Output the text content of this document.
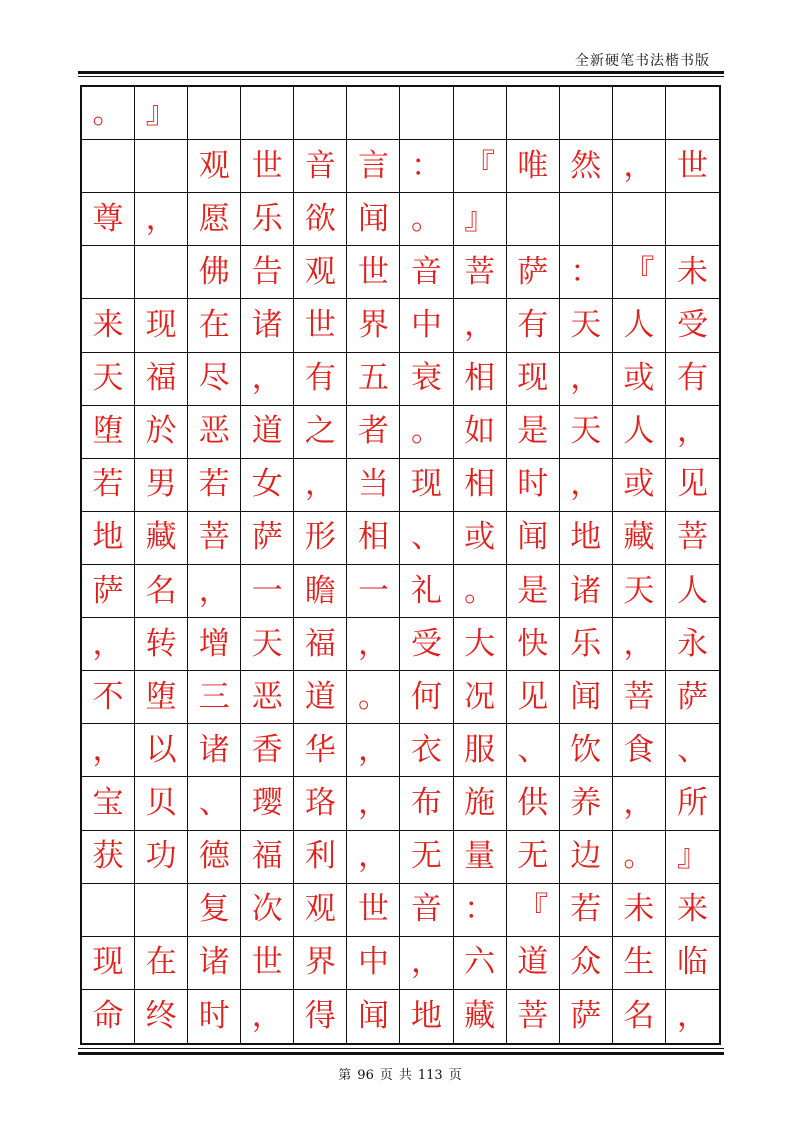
全新硬笔书法楷书版
。 』
观 世 音 言 ： 『 唯 然 ， 世
尊 ， 愿 乐 欲 闻 。 』
佛 告 观 世 音 菩 萨 ： 『 未
来 现 在 诸 世 界 中 ， 有 天 人 受
天 福 尽 ， 有 五 衰 相 现 ， 或 有
堕 於 恶 道 之 者 。 如 是 天 人 ，
若 男 若 女 ， 当 现 相 时 ， 或 见
地 藏 菩 萨 形 相 、 或 闻 地 藏 菩
萨 名 ， 一 瞻 一 礼 。 是 诸 天 人
， 转 增 天 福 ， 受 大 快 乐 ， 永
不 堕 三 恶 道 。 何 况 见 闻 菩 萨
， 以 诸 香 华 ， 衣 服 、 饮 食 、
宝 贝 、 璎 珞 ， 布 施 供 养 ， 所
获 功 德 福 利 ， 无 量 无 边 。 』
复 次 观 世 音 ： 『 若 未 来
现 在 诸 世 界 中 ， 六 道 众 生 临
命 终 时 ， 得 闻 地 藏 菩 萨 名 ，
第 96 页 共 113 页
